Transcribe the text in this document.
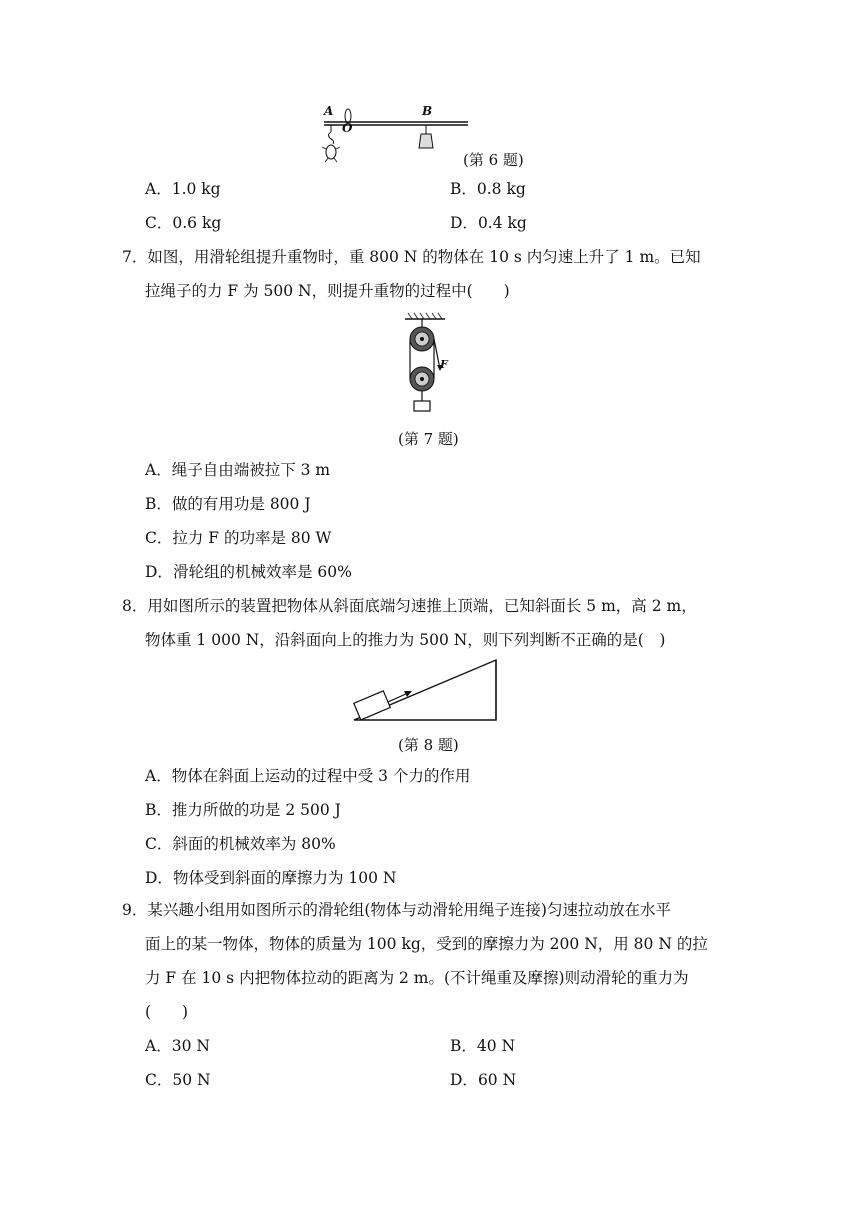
A
O
B
(第 6 题)
A．1.0 kg	B．0.8 kg
C．0.6 kg	D．0.4 kg
7．如图，用滑轮组提升重物时，重 800 N 的物体在 10 s 内匀速上升了 1 m。已知
拉绳子的力 F 为 500 N，则提升重物的过程中(　　)
F
(第 7 题)
A．绳子自由端被拉下 3 m
B．做的有用功是 800 J
C．拉力 F 的功率是 80 W
D．滑轮组的机械效率是 60%
8．用如图所示的装置把物体从斜面底端匀速推上顶端，已知斜面长 5 m，高 2 m，
物体重 1 000 N，沿斜面向上的推力为 500 N，则下列判断不正确的是(　)
(第 8 题)
A．物体在斜面上运动的过程中受 3 个力的作用
B．推力所做的功是 2 500 J
C．斜面的机械效率为 80%
D．物体受到斜面的摩擦力为 100 N
9．某兴趣小组用如图所示的滑轮组(物体与动滑轮用绳子连接)匀速拉动放在水平
面上的某一物体，物体的质量为 100 kg，受到的摩擦力为 200 N，用 80 N 的拉
力 F 在 10 s 内把物体拉动的距离为 2 m。(不计绳重及摩擦)则动滑轮的重力为
(　　)
A．30 N	B．40 N
C．50 N	D．60 N
